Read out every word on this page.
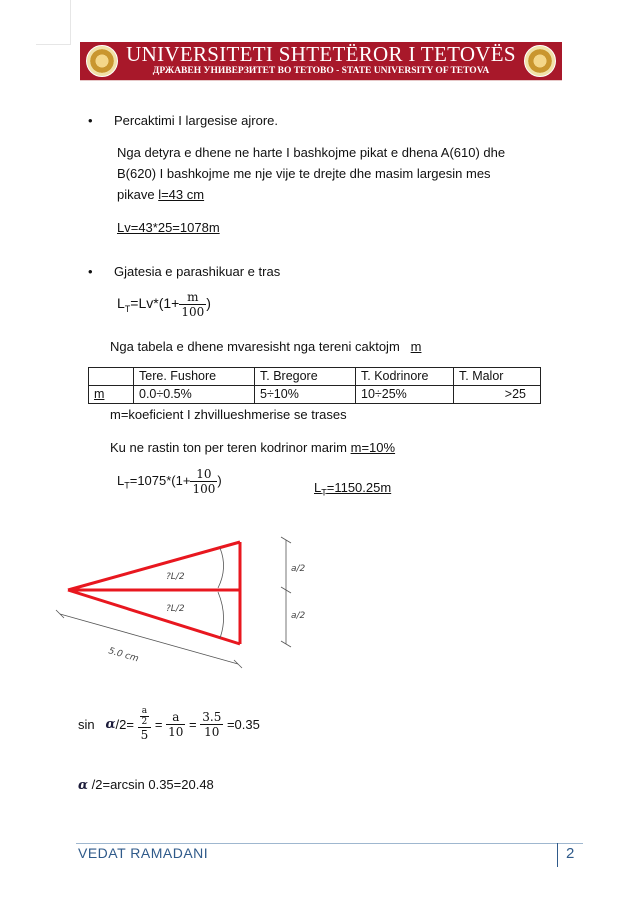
UNIVERSITETI SHTETËROR I TETOVËS
ДРЖАВЕН УНИВЕРЗИТЕТ ВО ТЕТОВО - STATE UNIVERSITY OF TETOVA
• Percaktimi I largesise ajrore.
Nga detyra e dhene ne harte I bashkojme pikat e dhena A(610) dhe
B(620) I bashkojme me nje vije te drejte dhe masim largesin mes
pikave l=43 cm
Lv=43*25=1078m
• Gjatesia e parashikuar e tras
$L_T=Lv*(1+ \frac{m}{100}$ )
Nga tabela e dhene mvaresisht nga tereni caktojm m
	Tere. Fushore	T. Bregore	T. Kodrinore	T. Malor
m	0.0÷0.5%	5÷10%	10÷25%	>25
m=koeficient I zhvillueshmerise se trases
Ku ne rastin ton per teren kodrinor marim m=10%
$L_T=1075*(1+ \frac{10}{100}$ )	$L_T=1150.25m$
?L/2
?L/2
5.0 cm
a/2
a/2
$\sin \alpha/2= \frac{\frac{a}{2}}{5} = \frac{a}{10} = \frac{3.5}{10} =0.35$
α /2=arcsin 0.35=20.48
VEDAT RAMADANI	2
